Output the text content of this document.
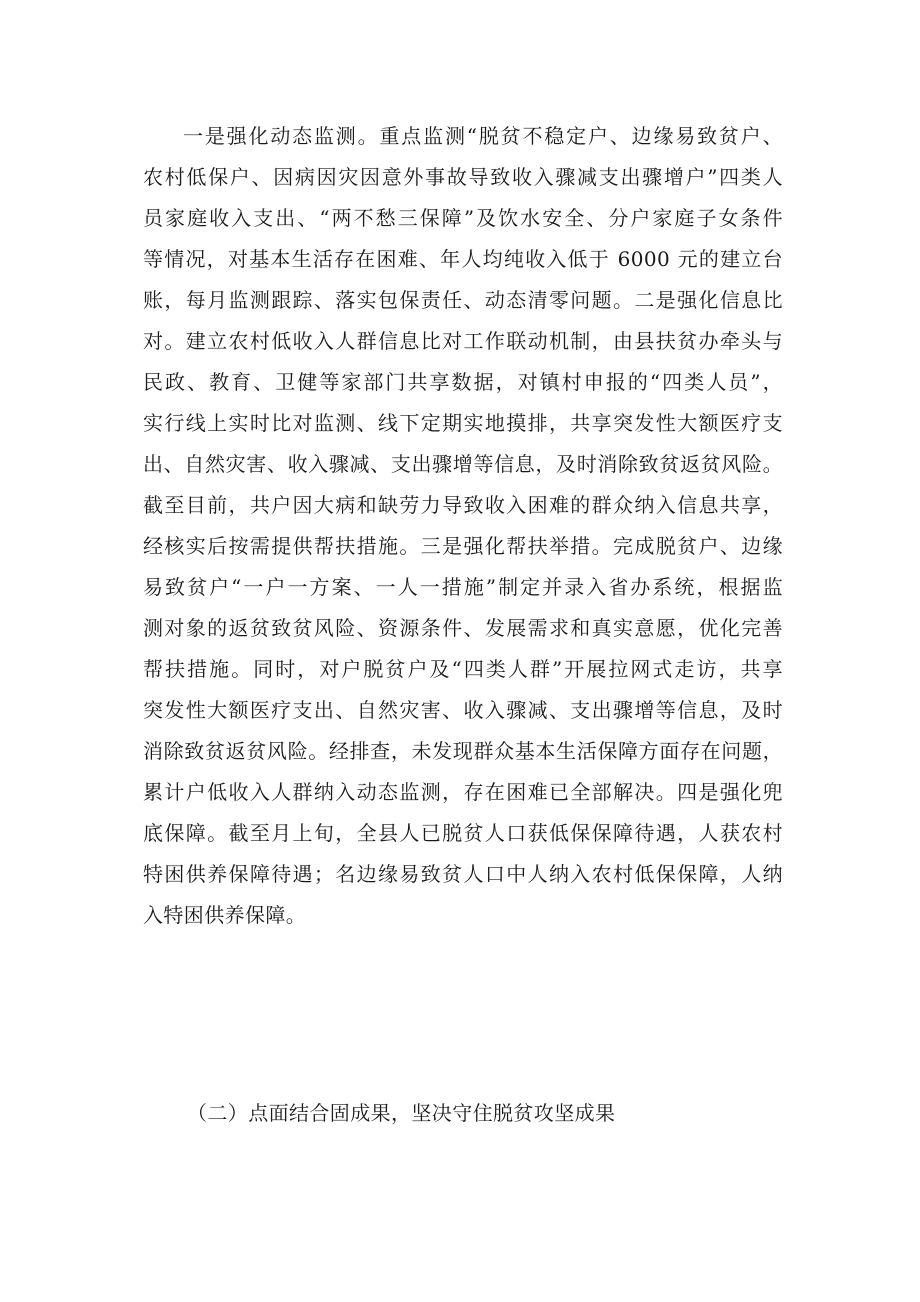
一是强化动态监测。重点监测“脱贫不稳定户、边缘易致贫户、
农村低保户、因病因灾因意外事故导致收入骤减支出骤增户”四类人
员家庭收入支出、“两不愁三保障”及饮水安全、分户家庭子女条件
等情况，对基本生活存在困难、年人均纯收入低于 6000 元的建立台
账，每月监测跟踪、落实包保责任、动态清零问题。二是强化信息比
对。建立农村低收入人群信息比对工作联动机制，由县扶贫办牵头与
民政、教育、卫健等家部门共享数据，对镇村申报的“四类人员”，
实行线上实时比对监测、线下定期实地摸排，共享突发性大额医疗支
出、自然灾害、收入骤减、支出骤增等信息，及时消除致贫返贫风险。
截至目前，共户因大病和缺劳力导致收入困难的群众纳入信息共享，
经核实后按需提供帮扶措施。三是强化帮扶举措。完成脱贫户、边缘
易致贫户“一户一方案、一人一措施”制定并录入省办系统，根据监
测对象的返贫致贫风险、资源条件、发展需求和真实意愿，优化完善
帮扶措施。同时，对户脱贫户及“四类人群”开展拉网式走访，共享
突发性大额医疗支出、自然灾害、收入骤减、支出骤增等信息，及时
消除致贫返贫风险。经排查，未发现群众基本生活保障方面存在问题，
累计户低收入人群纳入动态监测，存在困难已全部解决。四是强化兜
底保障。截至月上旬，全县人已脱贫人口获低保保障待遇，人获农村
特困供养保障待遇；名边缘易致贫人口中人纳入农村低保保障，人纳
入特困供养保障。

（二）点面结合固成果，坚决守住脱贫攻坚成果
